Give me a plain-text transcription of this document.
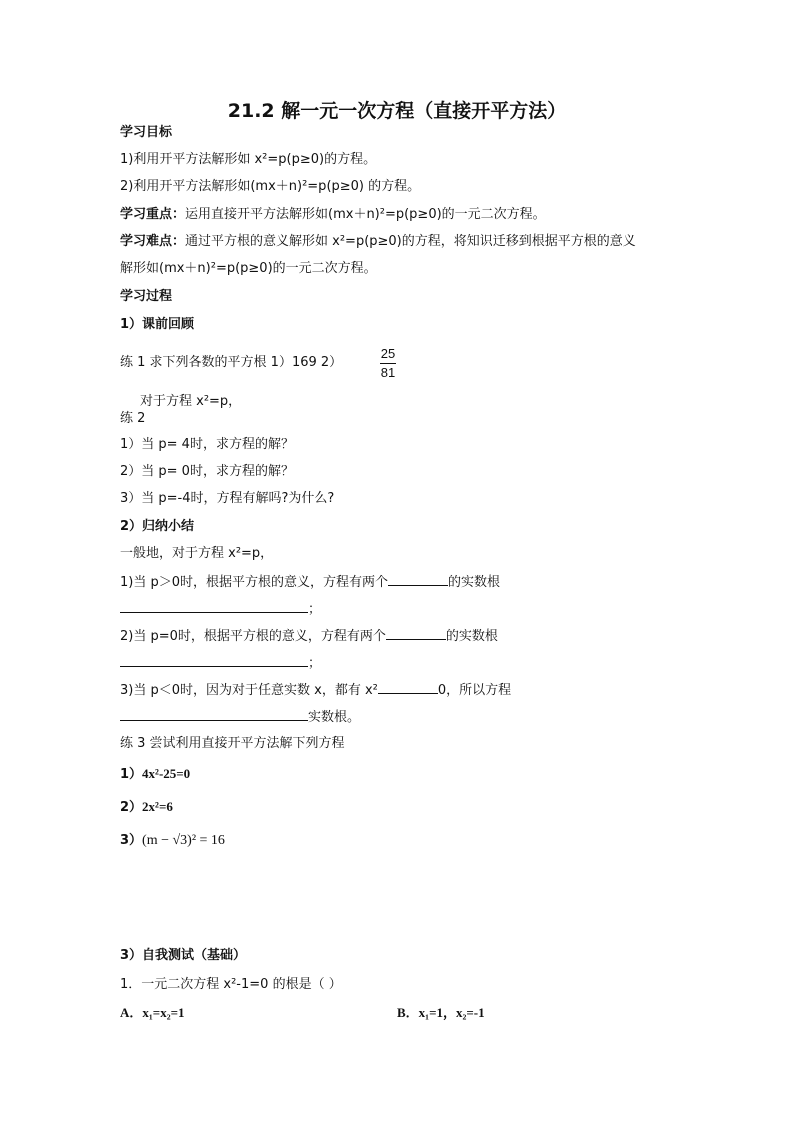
21.2 解一元一次方程（直接开平方法）
学习目标
1)利用开平方法解形如 x²=p(p≥0)的方程。
2)利用开平方法解形如(mx＋n)²=p(p≥0) 的方程。
学习重点：运用直接开平方法解形如(mx＋n)²=p(p≥0)的一元二次方程。
学习难点：通过平方根的意义解形如 x²=p(p≥0)的方程，将知识迁移到根据平方根的意义
解形如(mx＋n)²=p(p≥0)的一元二次方程。
学习过程
1）课前回顾
练 1 求下列各数的平方根 1）169 2）
25
81
对于方程 x²=p，
练 2
1）当 p= 4时，求方程的解？
2）当 p= 0时，求方程的解？
3）当 p=-4时，方程有解吗?为什么?
2）归纳小结
一般地，对于方程 x²=p，
1)当 p＞0时，根据平方根的意义，方程有两个	的实数根
；
2)当 p=0时，根据平方根的意义，方程有两个	的实数根
；
3)当 p＜0时，因为对于任意实数 x，都有 x²	0，所以方程
实数根。
练 3 尝试利用直接开平方法解下列方程
1）4x²-25=0
2）2x²=6
3）(m − √3)² = 16
3）自我测试（基础）
1．一元二次方程 x²-1=0 的根是（ ）
A．x₁=x₂=1	B．x₁=1，x₂=-1
